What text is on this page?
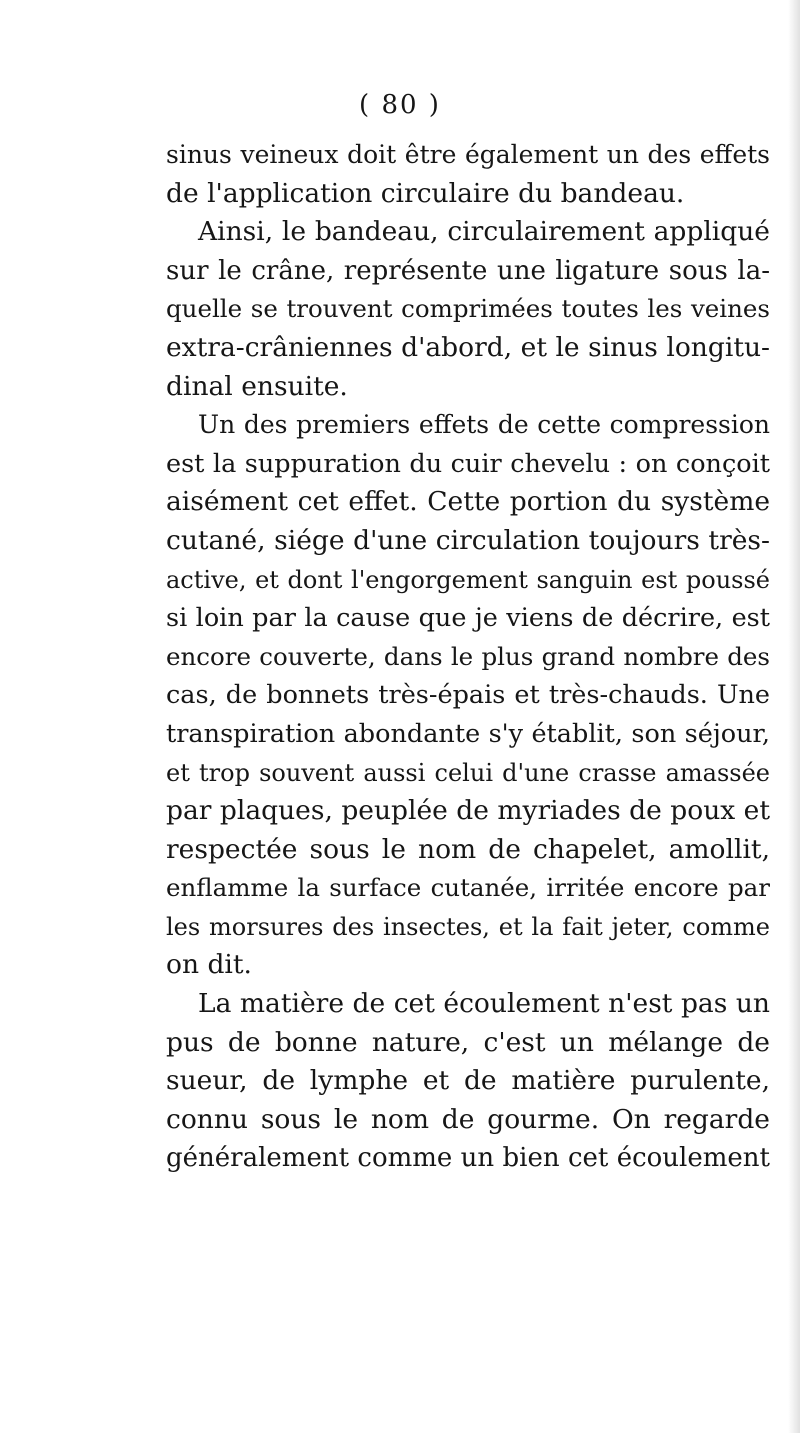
( 80 )
sinus veineux doit être également un des effets
de l'application circulaire du bandeau.
Ainsi, le bandeau, circulairement appliqué
sur le crâne, représente une ligature sous la-
quelle se trouvent comprimées toutes les veines
extra-crâniennes d'abord, et le sinus longitu-
dinal ensuite.
Un des premiers effets de cette compression
est la suppuration du cuir chevelu : on conçoit
aisément cet effet. Cette portion du système
cutané, siége d'une circulation toujours très-
active, et dont l'engorgement sanguin est poussé
si loin par la cause que je viens de décrire, est
encore couverte, dans le plus grand nombre des
cas, de bonnets très-épais et très-chauds. Une
transpiration abondante s'y établit, son séjour,
et trop souvent aussi celui d'une crasse amassée
par plaques, peuplée de myriades de poux et
respectée sous le nom de chapelet, amollit,
enflamme la surface cutanée, irritée encore par
les morsures des insectes, et la fait jeter, comme
on dit.
La matière de cet écoulement n'est pas un
pus de bonne nature, c'est un mélange de
sueur, de lymphe et de matière purulente,
connu sous le nom de gourme. On regarde
généralement comme un bien cet écoulement
